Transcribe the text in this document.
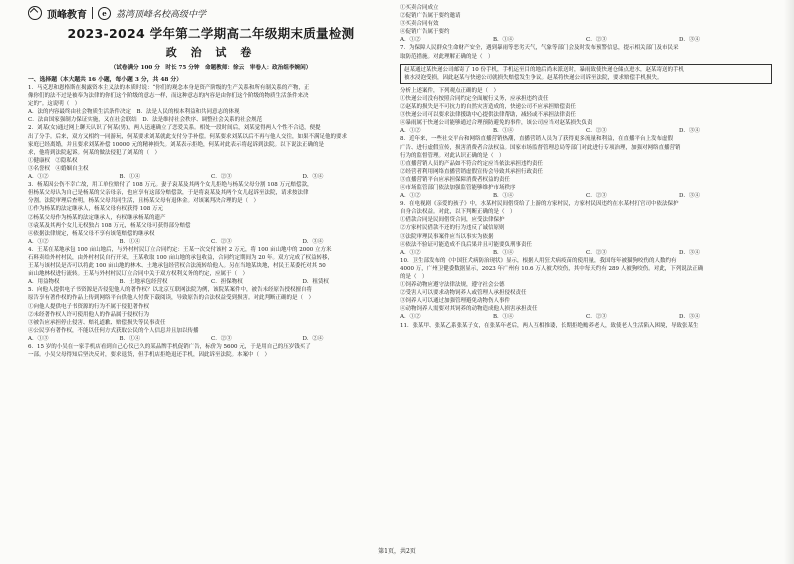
顶峰教育	e	荔湾顶峰名校高级中学
2023-2024 学年第二学期高二年级期末质量检测
政 治 试 卷
（试卷满分 100 分　时长 75 分钟　命题教师：徐云　审卷人：政治组李婉闲）
一、选择题（本大题共 16 小题，每小题 3 分，共 48 分）

1．马克思和恩格斯在揭露资本主义法的本质时说：“你们的观念本身是资产阶级的生产关系和所有制关系的产物，正

像你们的法不过是被奉为法律的你们这个阶级的意志一样，而这种意志的内容是由你们这个阶级的物质生活条件来决

定的”。这说明（　）

A．法的内容最终由社会物质生活条件决定　B．法是人民的根本利益和共同意志的体现

C．法由国家强制力保证实施，又在社会联结　D．法是维持社会秩序、调整社会关系的社会规范

2．刘某(女)通过网上聊天认识了何某(男)，两人迅速确立了恋爱关系。相处一段时间后，刘某觉得两人个性不合适，便提

出了分手。后来，双方又相约一同游玩，何某要求刘某就此支付分手补偿。何某要求刘某以后不再与他人交往，如果不满足他的要求

家庭已经离婚，并且要求刘某补偿 10000 元的精神损失。刘某表示拒绝，何某对此表示将起诉到法院。以下说法正确的是

求，他将到法院起诉。何某的做法侵犯了刘某的（　）

①健康权　②隐私权

③名誉权　④婚姻自主权

A．①②	B．①④	C．②③	D．③④

3．杨某因公伤不幸亡故，用工单位赔付了 108 万元。妻子袁某及其两个女儿拒绝与杨某父母分割 108 万元赔偿款，

但杨某父母认为自己是杨某的父亲母亲，也应享有这部分赔偿款，于是将袁某及其两个女儿起诉至法院，请求按法律

分割。法院审理后查明，杨某父母共同生活，且杨某父母有退休金。对该案判决合理的是（　）

①作为杨某的法定继承人，杨某父母有权获得 108 万元

②杨某父母作为杨某的法定继承人，有权继承杨某的遗产

③袁某及其两个女儿无权独占 108 万元，杨某父母可获得部分赔偿

④依据法律规定，杨某父母不享有该笔赔偿的继承权

A．①②	B．①④	C．②③	D．③④

4．王某在某地承包 100 亩山地后，与外村村民订立合同约定：王某一次交付该村 2 万元，将 100 亩山地中的 2000 立方米

石料卖给外村村民，由外村村民自行开采，王某收取 100 亩山地的承包收益，合同约定期间为 20 年。双方完成了权益转移，

王某与该村民是否可以将此 100 亩山地的林木、土地承包经营权合法流转给他人。另在当地某块地，村民王某委托对其 50

亩山地林权进行流转。王某与外村村民订立合同中关于双方权利义务的约定，应属于（　）

A．用益物权	B．土地承包经营权	C．担保物权	D．租赁权

5．向他人提供电子书资源是否侵犯他人的著作权？以北京互联网法院为例，该院某案件中，被告未经原告授权擅自将

原告享有著作权的作品上传到网络平台供他人付费下载阅读，导致原告的合法权益受到损害。对此判断正确的是（　）

①向他人提供电子书资源的行为不属于侵犯著作权

②未经著作权人许可使用他人的作品属于侵权行为

③被告应承担停止侵害、赔礼道歉、赔偿损失等民事责任

④公民享有著作权，不能以任何方式获取公民的个人信息并且加以传播

A．①③	B．①④	C．②③	D．②④

6．15 岁的小吴在一家手机店看到自己心仪已久的某品牌手机促销广告，标价为 5600 元，于是用自己的压岁钱买了

一部。小吴父母得知后坚决反对，要求退货，但手机店拒绝退还手机，因此诉至法院。本案中（　）

①买卖合同成立

②促销广告属于要约邀请

③买卖合同有效

④促销广告属于要约

A．①②	B．①④	C．②③	D．③④

7．为保障人民群众生命财产安全，遇到暴雨等恶劣天气，气象等部门会及时发布预警信息，提示相关部门及市民采

取防范措施。对此理解正确的是（　）

赵某通过某快递公司邮寄了 10 份手机，手机运至目的地后尚未派送时，暴雨致使快递仓储点进水，赵某寄送的手机

被水浸泡受损，因此赵某与快递公司就损失赔偿发生争议。赵某将快递公司诉至法院，要求赔偿手机损失。

分析上述案件，下列观点正确的是（　）

①快递公司没有按照合同约定全面履行义务，应承担违约责任

②赵某的损失是不可抗力的自然灾害造成的，快递公司不应承担赔偿责任

③快递公司可以要求法律援助中心提供法律帮助，减轻或不承担法律责任

④暴雨属于快递公司能够通过合理预防避免的事件，该公司应当对赵某损失负责

A．①②	B．①④	C．②③	D．③④

8．近年来，一些社交平台和网络直播营销热潮，直播营销人员为了获得更多流量和利益，在直播平台上发布虚假

广告、进行虚假宣传，损害消费者合法权益。国家市场监督管理总局等部门对此进行专项治理，加强对网络直播营销

行为的监督管理。对此认识正确的是（　）

①直播营销人员的产品如不符合约定应当依法承担违约责任

②经营者利用网络直播营销虚假宣传会导致其承担行政责任

③直播营销平台应承担保障消费者权益的责任

④市场监管部门依法加强监管能够维护市场秩序

A．①②	B．①④	C．②③	D．③④

9．在电视剧《亲爱的孩子》中，水某村民间借贷给了上游的方家村民，方家村民因违约在水某村打官司中依法保护

自身合法权益。对此，以下判断正确的是（　）

①借款合同是民间借贷合同，应受法律保护

②方家村民借款不还的行为违反了诚信原则

③法院审理民事案件应当以事实为依据

④依法不验证可能造成不良后果并且可能要负刑事责任

A．①②	B．①④	C．②③	D．③④

10．卫生部发布的《中国狂犬病防治现状》显示，根据人用狂犬病疫苗的使用量，我国每年被猫狗咬伤的人数约有

4000 万，广州卫健委数据显示，2023 年广州有 10.6 万人被犬咬伤，其中每天约有 289 人被狗咬伤。对此，下列说法正确

的是（　）

①饲养动物应遵守法律法规，遵守社会公德

②受害人可以要求动物饲养人或管理人承担侵权责任

③饲养人可以通过加强管理避免动物伤人事件

④动物饲养人需要对其饲养的动物造成他人损害承担责任

A．①②	B．①④	C．②③	D．③④

11．张某甲、张某乙系张某子女，在张某年老后，两人互相推诿，长期拒绝赡养老人，致使老人生活陷入困境，导致张某生

第1页，共2页
